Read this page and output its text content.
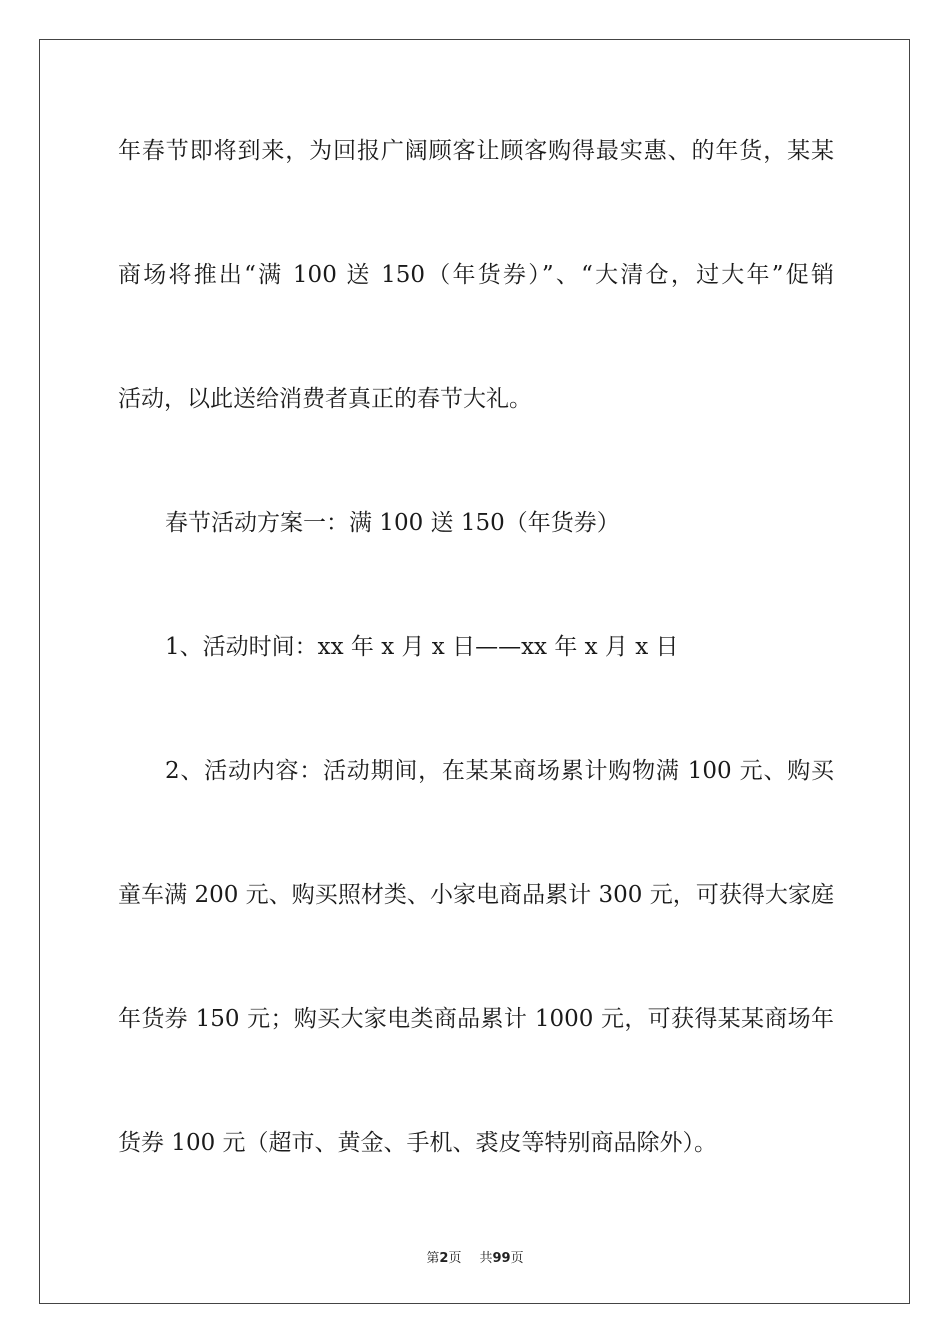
年春节即将到来，为回报广阔顾客让顾客购得最实惠、的年货，某某
商场将推出“满 100 送 150（年货券）”、“大清仓，过大年”促销
活动，以此送给消费者真正的春节大礼。
春节活动方案一：满 100 送 150（年货券）
1、活动时间：xx 年 x 月 x 日——xx 年 x 月 x 日
2、活动内容：活动期间，在某某商场累计购物满 100 元、购买
童车满 200 元、购买照材类、小家电商品累计 300 元，可获得大家庭
年货券 150 元；购买大家电类商品累计 1000 元，可获得某某商场年
货券 100 元（超市、黄金、手机、裘皮等特别商品除外）。
第2页 共99页
